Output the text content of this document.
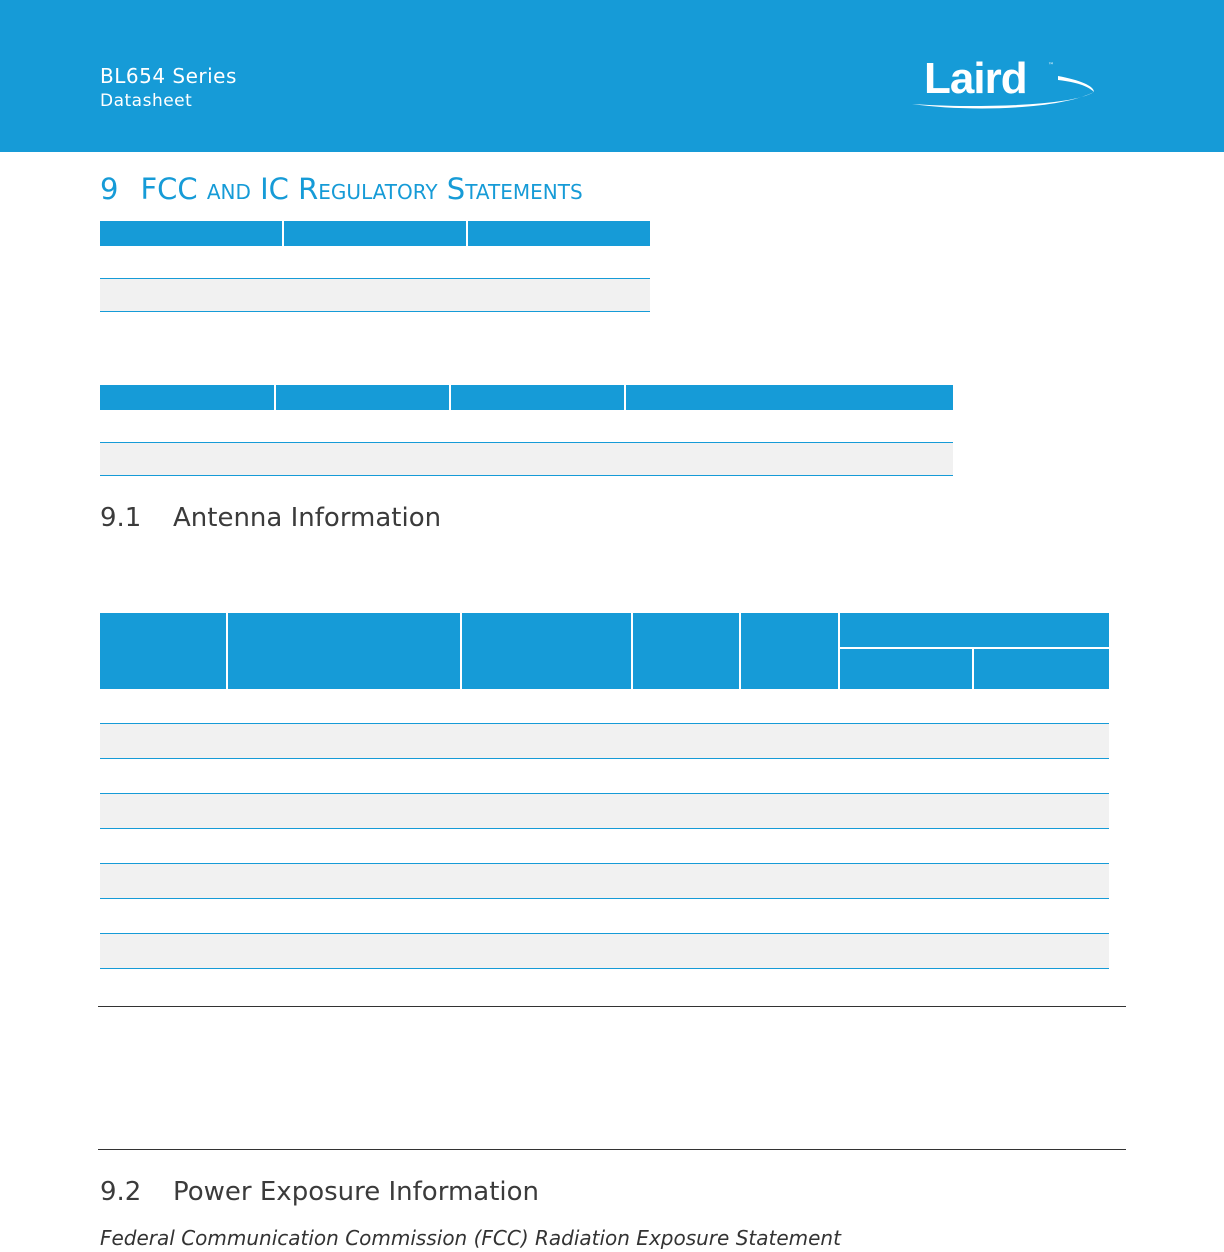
BL654 Series
Datasheet	Laird	™
9 FCC and IC Regulatory Statements
9.1 Antenna Information
9.2 Power Exposure Information
Federal Communication Commission (FCC) Radiation Exposure Statement
